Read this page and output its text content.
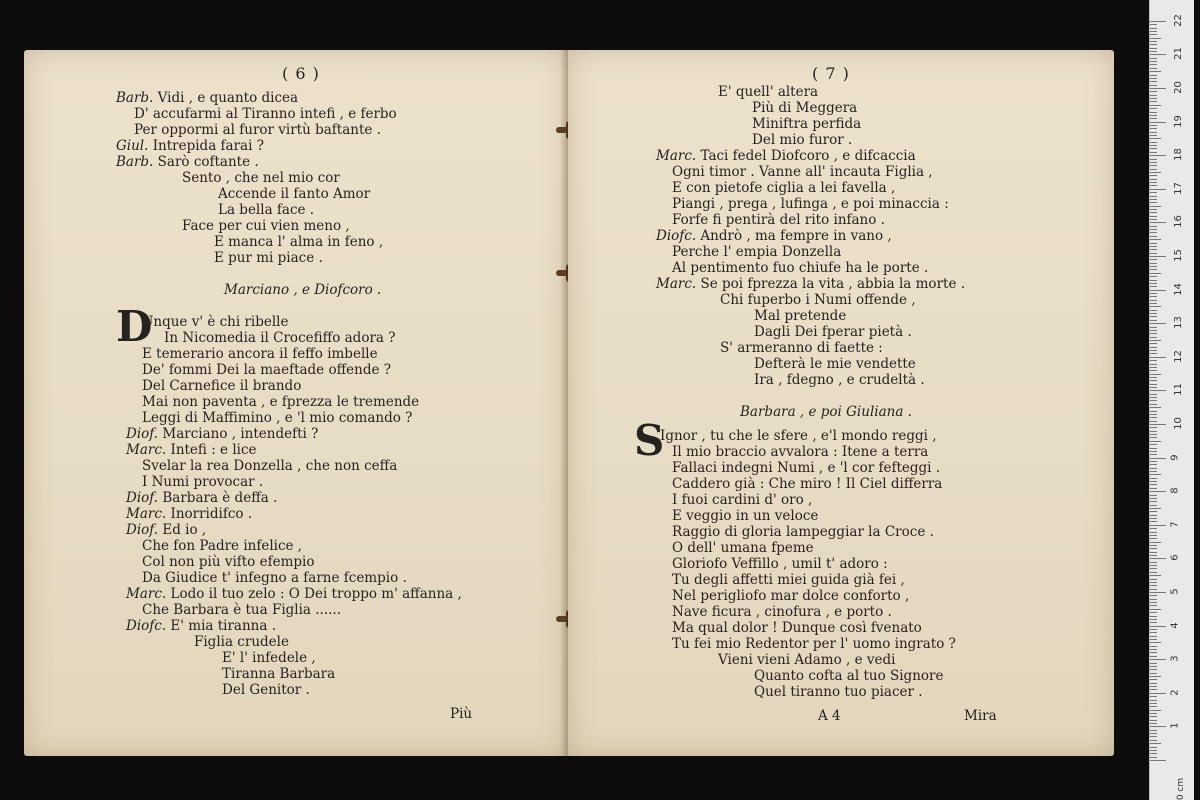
( 6 )
Barb. Vidi , e quanto dicea
D' accufarmi al Tiranno intefi , e ferbo
Per oppormi al furor virtù baftante .
Giul. Intrepida farai ?
Barb. Sarò coftante .
Sento , che nel mio cor
Accende il fanto Amor
La bella face .
Face per cui vien meno ,
E manca l' alma in feno ,
E pur mi piace .
Marciano , e Diofcoro .
D
Unque v' è chi ribelle
In Nicomedia il Crocefiffo adora ?
E temerario ancora il feffo imbelle
De' fommi Dei la maeftade offende ?
Del Carnefice il brando
Mai non paventa , e fprezza le tremende
Leggi di Maffimino , e 'l mio comando ?
Diof. Marciano , intendefti ?
Marc. Intefi : e lice
Svelar la rea Donzella , che non ceffa
I Numi provocar .
Diof. Barbara è deffa .
Marc. Inorridifco .
Diof. Ed io ,
Che fon Padre infelice ,
Col non più vifto efempio
Da Giudice t' infegno a farne fcempio .
Marc. Lodo il tuo zelo : O Dei troppo m' affanna ,
Che Barbara è tua Figlia ......
Diofc. E' mia tiranna .
Figlia crudele
E' l' infedele ,
Tiranna Barbara
Del Genitor .
Più
( 7 )
E' quell' altera
Più di Meggera
Miniftra perfida
Del mio furor .
Marc. Taci fedel Diofcoro , e difcaccia
Ogni timor . Vanne all' incauta Figlia ,
E con pietofe ciglia a lei favella ,
Piangi , prega , lufinga , e poi minaccia :
Forfe fi pentirà del rito infano .
Diofc. Andrò , ma fempre in vano ,
Perche l' empia Donzella
Al pentimento fuo chiufe ha le porte .
Marc. Se poi fprezza la vita , abbia la morte .
Chi fuperbo i Numi offende ,
Mal pretende
Dagli Dei fperar pietà .
S' armeranno di faette :
Defterà le mie vendette
Ira , fdegno , e crudeltà .
Barbara , e poi Giuliana .
S
Ignor , tu che le sfere , e'l mondo reggi ,
Il mio braccio avvalora : Itene a terra
Fallaci indegni Numi , e 'l cor fefteggi .
Caddero già : Che miro ! Il Ciel differra
I fuoi cardini d' oro ,
E veggio in un veloce
Raggio di gloria lampeggiar la Croce .
O dell' umana fpeme
Gloriofo Veffillo , umil t' adoro :
Tu degli affetti miei guida già fei ,
Nel perigliofo mar dolce conforto ,
Nave ficura , cinofura , e porto .
Ma qual dolor ! Dunque così fvenato
Tu fei mio Redentor per l' uomo ingrato ?
Vieni vieni Adamo , e vedi
Quanto cofta al tuo Signore
Quel tiranno tuo piacer .
A 4	Mira
1
2
3
4
5
6
7
8
9
10
11
12
13
14
15
16
17
18
19
20
21
22
0 cm
